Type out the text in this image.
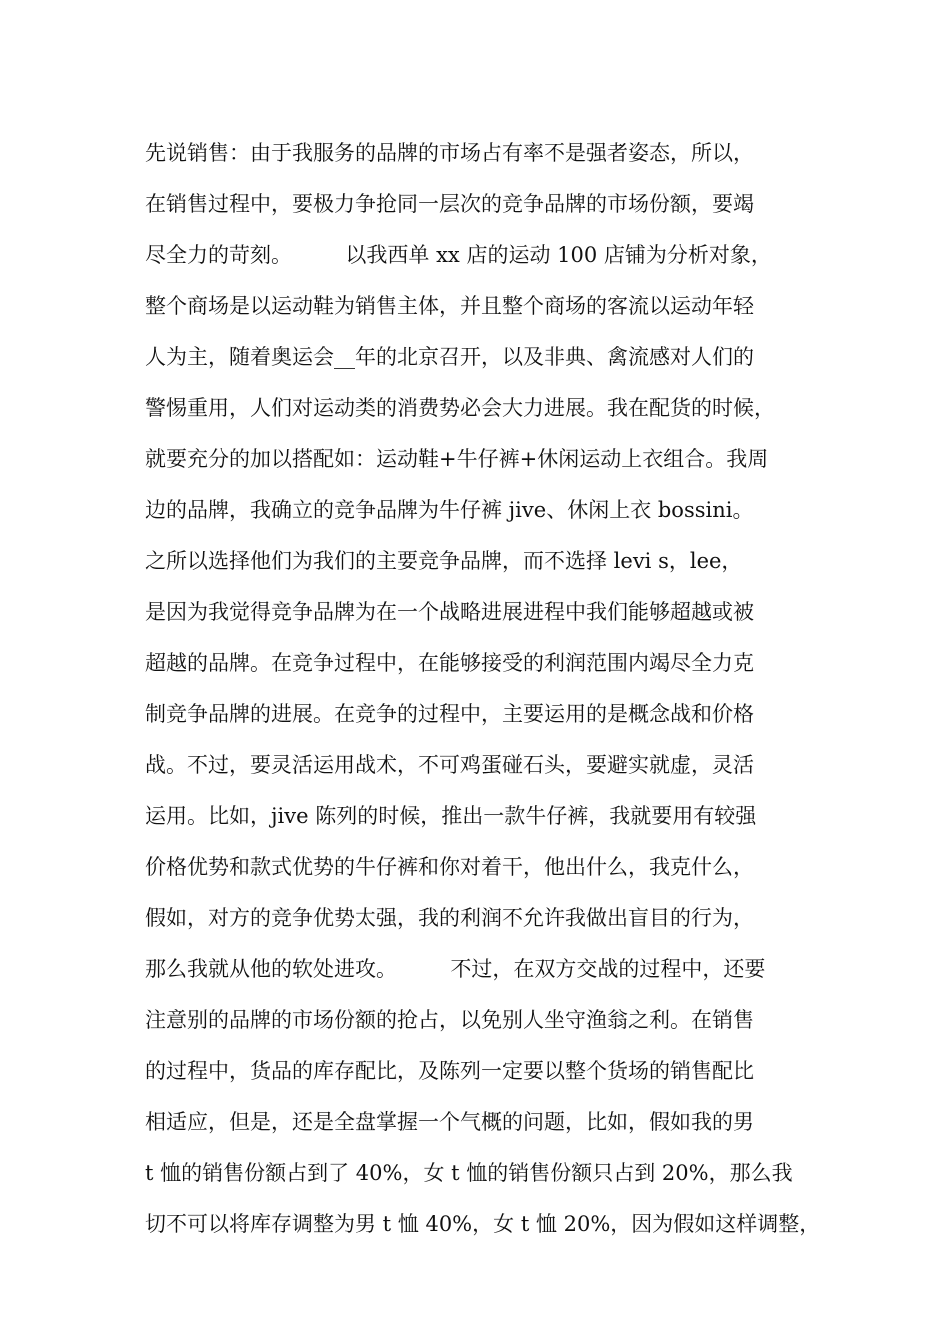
先说销售：由于我服务的品牌的市场占有率不是强者姿态，所以，
在销售过程中，要极力争抢同一层次的竞争品牌的市场份额，要竭
尽全力的苛刻。        以我西单 xx 店的运动 100 店铺为分析对象，
整个商场是以运动鞋为销售主体，并且整个商场的客流以运动年轻
人为主，随着奥运会__年的北京召开，以及非典、禽流感对人们的
警惕重用，人们对运动类的消费势必会大力进展。我在配货的时候，
就要充分的加以搭配如：运动鞋+牛仔裤+休闲运动上衣组合。我周
边的品牌，我确立的竞争品牌为牛仔裤 jive、休闲上衣 bossini。
之所以选择他们为我们的主要竞争品牌，而不选择 levi s，lee，
是因为我觉得竞争品牌为在一个战略进展进程中我们能够超越或被
超越的品牌。在竞争过程中，在能够接受的利润范围内竭尽全力克
制竞争品牌的进展。在竞争的过程中，主要运用的是概念战和价格
战。不过，要灵活运用战术，不可鸡蛋碰石头，要避实就虚，灵活
运用。比如，jive 陈列的时候，推出一款牛仔裤，我就要用有较强
价格优势和款式优势的牛仔裤和你对着干，他出什么，我克什么，
假如，对方的竞争优势太强，我的利润不允许我做出盲目的行为，
那么我就从他的软处进攻。        不过，在双方交战的过程中，还要
注意别的品牌的市场份额的抢占，以免别人坐守渔翁之利。在销售
的过程中，货品的库存配比，及陈列一定要以整个货场的销售配比
相适应，但是，还是全盘掌握一个气概的问题，比如，假如我的男
t 恤的销售份额占到了 40%，女 t 恤的销售份额只占到 20%，那么我
切不可以将库存调整为男 t 恤 40%，女 t 恤 20%，因为假如这样调整，
